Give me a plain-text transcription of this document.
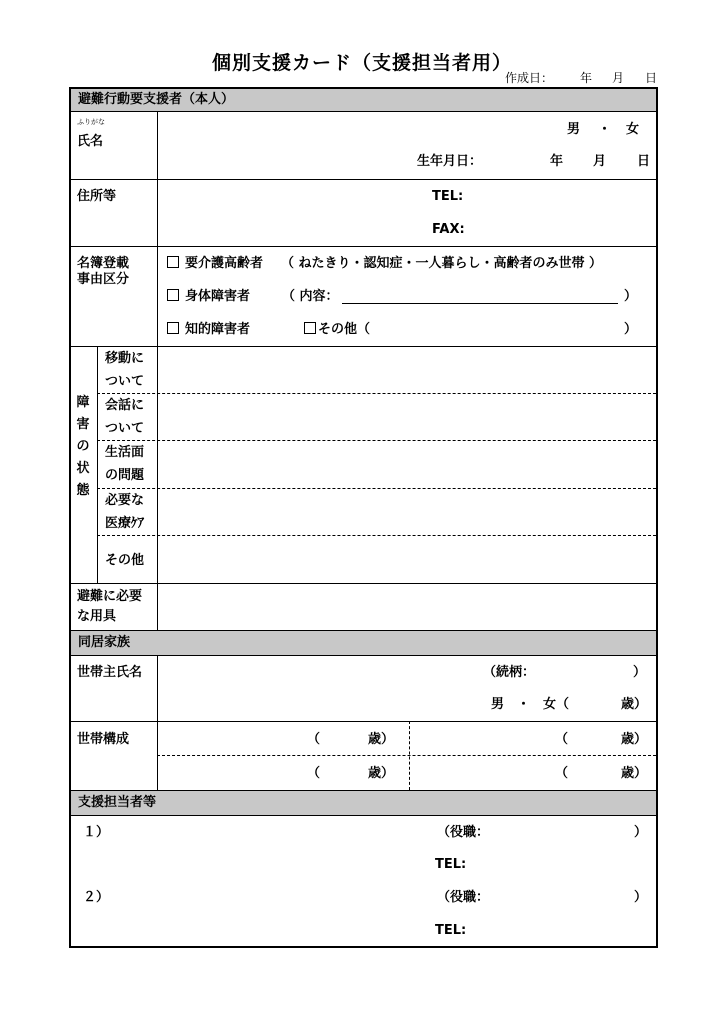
個別支援カード（支援担当者用）
作成日： 年 月 日
避難行動要支援者（本人）
ふりがな
氏名
男 ・ 女
生年月日：	年 月 日
住所等	TEL:
FAX:
名簿登載
事由区分
要介護高齢者 （ ねたきり・認知症・一人暮らし・高齢者のみ世帯 ）
身体障害者 （ 内容：	）
知的障害者	その他（	）
障
害
の
状
態
移動に
ついて
会話に
ついて
生活面
の問題
必要な
医療ｹｱ
その他
避難に必要
な用具
同居家族
世帯主氏名	（続柄：	）
男　・　女（	歳）
世帯構成	（	歳）	（	歳）
（	歳）	（	歳）
支援担当者等
１）	（役職：	）
TEL:
２）	（役職：	）
TEL:
